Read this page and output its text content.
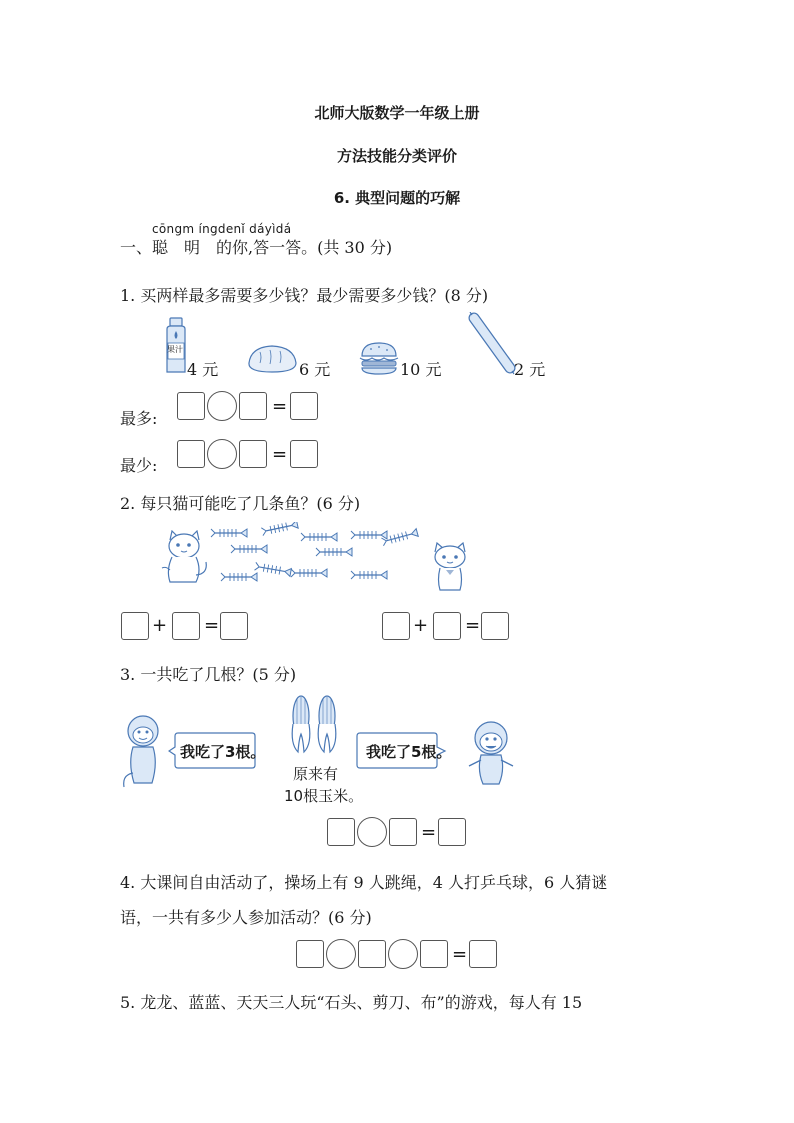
北师大版数学一年级上册
方法技能分类评价
6. 典型问题的巧解
cōngm íngdenǐ dáyìdá
一、聪　明　的你,答一答。(共 30 分)
1. 买两样最多需要多少钱？最少需要多少钱？(8 分)
果汁
4 元	6 元	10 元	2 元
最多:
=
最少:
=
2. 每只猫可能吃了几条鱼？(6 分)
+ =	+ =
3. 一共吃了几根？(5 分)
我吃了3根。
原来有
10根玉米。
我吃了5根。
=
4. 大课间自由活动了，操场上有 9 人跳绳，4 人打乒乓球，6 人猜谜
语，一共有多少人参加活动？(6 分)
=
5. 龙龙、蓝蓝、天天三人玩“石头、剪刀、布”的游戏，每人有 15
